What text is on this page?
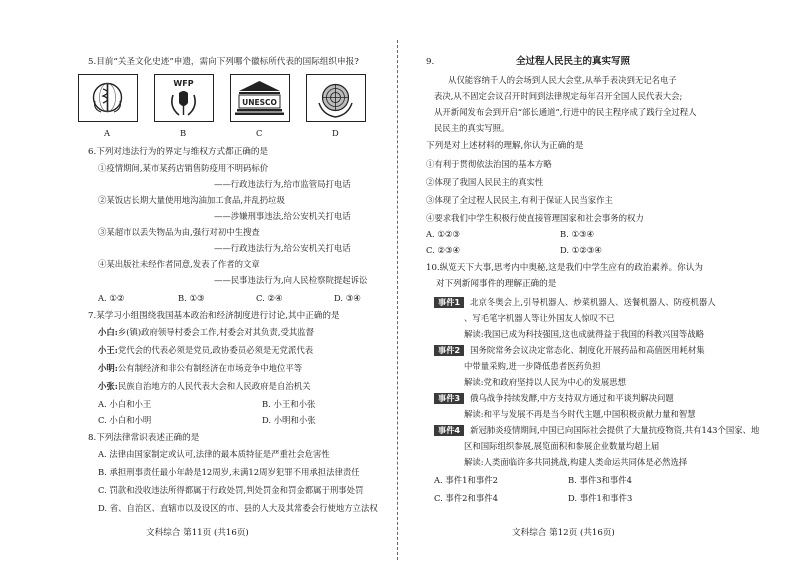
5.目前“关圣文化史迹”申遗，需向下列哪个徽标所代表的国际组织申报?
WFP
UNESCO
A	B	C	D
6.下列对违法行为的界定与维权方式都正确的是
①疫情期间,某市某药店销售防疫用不明码标价
——行政违法行为,给市监管局打电话
②某饭店长期大量使用地沟油加工食品,并乱扔垃圾
——涉嫌刑事违法,给公安机关打电话
③某超市以丢失物品为由,强行对初中生搜查
——行政违法行为,给公安机关打电话
④某出版社未经作者同意,发表了作者的文章
——民事违法行为,向人民检察院提起诉讼
A. ①②	B. ①③	C. ②④	D. ③④
7.某学习小组围绕我国基本政治和经济制度进行讨论,其中正确的是
小白:乡(镇)政府领导村委会工作,村委会对其负责,受其监督
小王:党代会的代表必须是党员,政协委员必须是无党派代表
小明:公有制经济和非公有制经济在市场竞争中地位平等
小张:民族自治地方的人民代表大会和人民政府是自治机关
A. 小白和小王	B. 小王和小张
C. 小白和小明	D. 小明和小张
8.下列法律常识表述正确的是
A. 法律由国家制定或认可,法律的最本质特征是严重社会危害性
B. 承担刑事责任最小年龄是12周岁,未满12周岁犯罪不用承担法律责任
C. 罚款和没收违法所得都属于行政处罚,判处罚金和罚金都属于刑事处罚
D. 省、自治区、直辖市以及设区的市、县的人大及其常委会行使地方立法权
文科综合 第11页 (共16页)
9.	全过程人民民主的真实写照
从仅能容纳千人的会场到人民大会堂,从举手表决到无记名电子
表决,从不固定会议召开时间到法律规定每年召开全国人民代表大会;
从开新闻发布会到开启“部长通道”,行进中的民主程序成了践行全过程人
民民主的真实写照。
下列是对上述材料的理解,你认为正确的是
①有利于贯彻依法治国的基本方略
②体现了我国人民民主的真实性
③体现了全过程人民民主,有利于保证人民当家作主
④要求我们中学生积极行使直接管理国家和社会事务的权力
A. ①②③	B. ①③④
C. ②③④	D. ①②③④
10.纵览天下大事,思考内中奥秘,这是我们中学生应有的政治素养。你认为
对下列新闻事件的理解正确的是
事件1 北京冬奥会上,引导机器人、炒菜机器人、送餐机器人、防疫机器人
、写毛笔字机器人等让外国友人惊叹不已
解读:我国已成为科技强国,这也成就得益于我国的科教兴国等战略
事件2 国务院常务会议决定常态化、制度化开展药品和高值医用耗材集
中带量采购,进一步降低患者医药负担
解读:党和政府坚持以人民为中心的发展思想
事件3 俄乌战争持续发酵,中方支持双方通过和平谈判解决问题
解读:和平与发展不再是当今时代主题,中国积极贡献力量和智慧
事件4 新冠肺炎疫情期间,中国已向国际社会提供了大量抗疫物资,共有143个国家、地
区和国际组织参展,展览面积和参展企业数量均超上届
解读:人类面临许多共同挑战,构建人类命运共同体是必然选择
A. 事件1和事件2	B. 事件3和事件4
C. 事件2和事件4	D. 事件1和事件3
文科综合 第12页 (共16页)
